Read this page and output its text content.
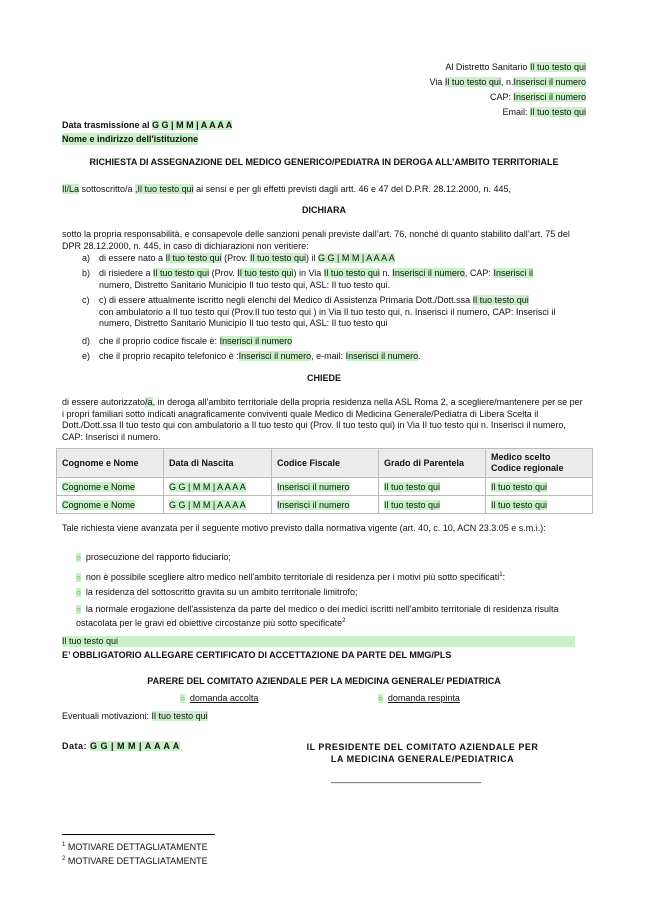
Al Distretto Sanitario Il tuo testo qui
Via Il tuo testo qui, n.Inserisci il numero
CAP: Inserisci il numero
Email: Il tuo testo qui
Data trasmissione al G G | M M | A A A A
Nome e indirizzo dell'istituzione
RICHIESTA DI ASSEGNAZIONE DEL MEDICO GENERICO/PEDIATRA IN DEROGA ALL’AMBITO TERRITORIALE
Il/La sottoscritto/a ,Il tuo testo qui ai sensi e per gli effetti previsti dagli artt. 46 e 47 del D.P.R. 28.12.2000, n. 445,
DICHIARA
sotto la propria responsabilità, e consapevole delle sanzioni penali previste dall’art. 76, nonché di quanto stabilito dall’art. 75 del DPR 28.12.2000, n. 445, in caso di dichiarazioni non veritiere:
a) di essere nato a Il tuo testo qui (Prov. Il tuo testo qui) il G G | M M | A A A A
b) di risiedere a Il tuo testo qui (Prov. Il tuo testo qui) in Via Il tuo testo qui n. Inserisci il numero, CAP: Inserisci il
numero, Distretto Sanitario Municipio Il tuo testo qui, ASL: Il tuo testo qui.
c) c) di essere attualmente iscritto negli elenchi del Medico di Assistenza Primaria Dott./Dott.ssa Il tuo testo qui
con ambulatorio a Il tuo testo qui (Prov.Il tuo testo qui ) in Via Il tuo testo qui, n. Inserisci il numero, CAP: Inserisci il numero, Distretto Sanitario Municipio Il tuo testo qui, ASL: Il tuo testo qui
d) che il proprio codice fiscale è: Inserisci il numero
e) che il proprio recapito telefonico è :Inserisci il numero, e-mail: Inserisci il numero.
CHIEDE
di essere autorizzato/a, in deroga all'ambito territoriale della propria residenza nella ASL Roma 2, a scegliere/mantenere per se per i propri familiari sotto indicati anagraficamente conviventi quale Medico di Medicina Generale/Pediatra di Libera Scelta il Dott./Dott.ssa Il tuo testo qui con ambulatorio a Il tuo testo qui (Prov. Il tuo testo qui) in Via Il tuo testo qui n. Inserisci il numero, CAP: Inserisci il numero.
Cognome e Nome	Data di Nascita	Codice Fiscale	Grado di Parentela	Medico scelto
Codice regionale
Cognome e Nome	G G | M M | A A A A	Inserisci il numero	Il tuo testo qui	Il tuo testo qui
Cognome e Nome	G G | M M | A A A A	Inserisci il numero	Il tuo testo qui	Il tuo testo qui
Tale richiesta viene avanzata per il seguente motivo previsto dalla normativa vigente (art. 40, c. 10, ACN 23.3.05 e s.m.i.):
○ prosecuzione del rapporto fiduciario;
○ non è possibile scegliere altro medico nell'ambito territoriale di residenza per i motivi più sotto specificati$^1$:
○ la residenza del sottoscritto gravita su un ambito territoriale limitrofo;
○ la normale erogazione dell'assistenza da parte del medico o dei medici iscritti nell'ambito territoriale di residenza risulta ostacolata per le gravi ed obiettive circostanze più sotto specificate$^2$
Il tuo testo qui
E’ OBBLIGATORIO ALLEGARE CERTIFICATO DI ACCETTAZIONE DA PARTE DEL MMG/PLS
PARERE DEL COMITATO AZIENDALE PER LA MEDICINA GENERALE/ PEDIATRICA
○ domanda accolta	○ domanda respinta
Eventuali motivazioni: Il tuo testo qui
Data: G G | M M | A A A A	IL PRESIDENTE DEL COMITATO AZIENDALE PER
LA MEDICINA GENERALE/PEDIATRICA
______________________________
$^1$ MOTIVARE DETTAGLIATAMENTE
$^2$ MOTIVARE DETTAGLIATAMENTE
